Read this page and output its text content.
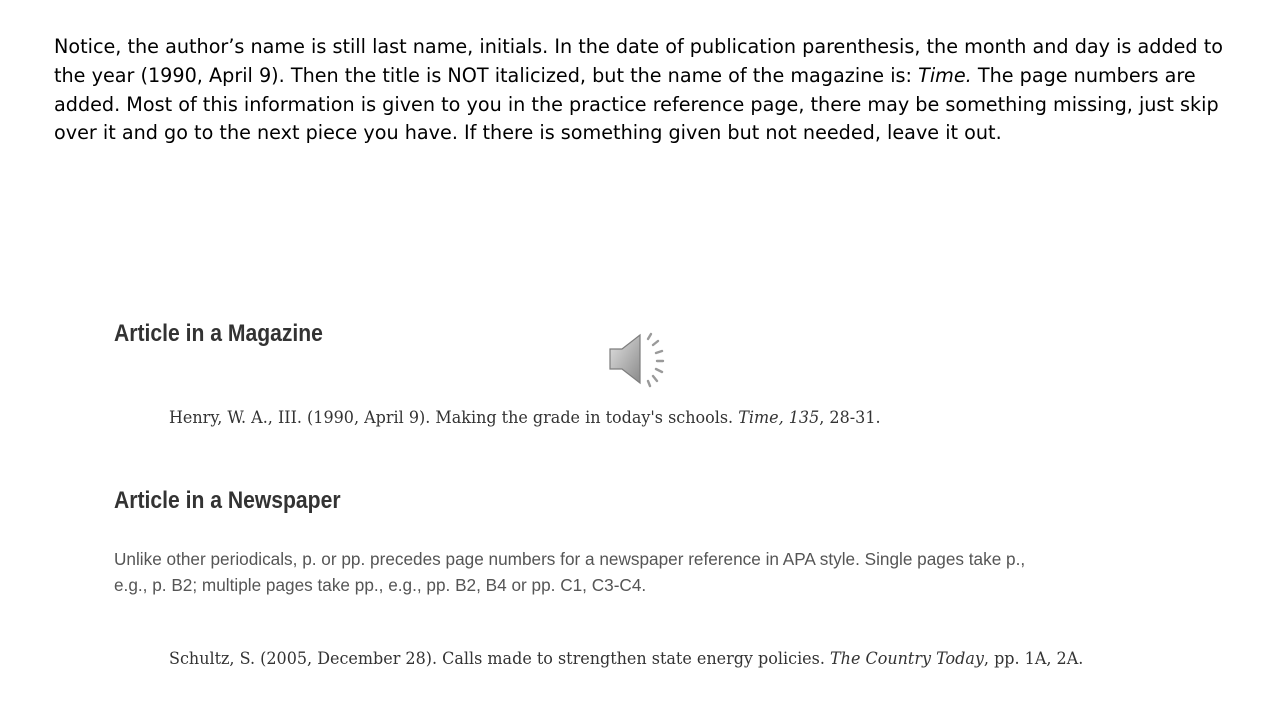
Notice, the author’s name is still last name, initials. In the date of publication parenthesis, the month and day is added to the year (1990, April 9). Then the title is NOT italicized, but the name of the magazine is: Time. The page numbers are added. Most of this information is given to you in the practice reference page, there may be something missing, just skip over it and go to the next piece you have. If there is something given but not needed, leave it out.

Article in a Magazine

Henry, W. A., III. (1990, April 9). Making the grade in today's schools. Time, 135, 28-31.

Article in a Newspaper

Unlike other periodicals, p. or pp. precedes page numbers for a newspaper reference in APA style. Single pages take p., e.g., p. B2; multiple pages take pp., e.g., pp. B2, B4 or pp. C1, C3-C4.

Schultz, S. (2005, December 28). Calls made to strengthen state energy policies. The Country Today, pp. 1A, 2A.
